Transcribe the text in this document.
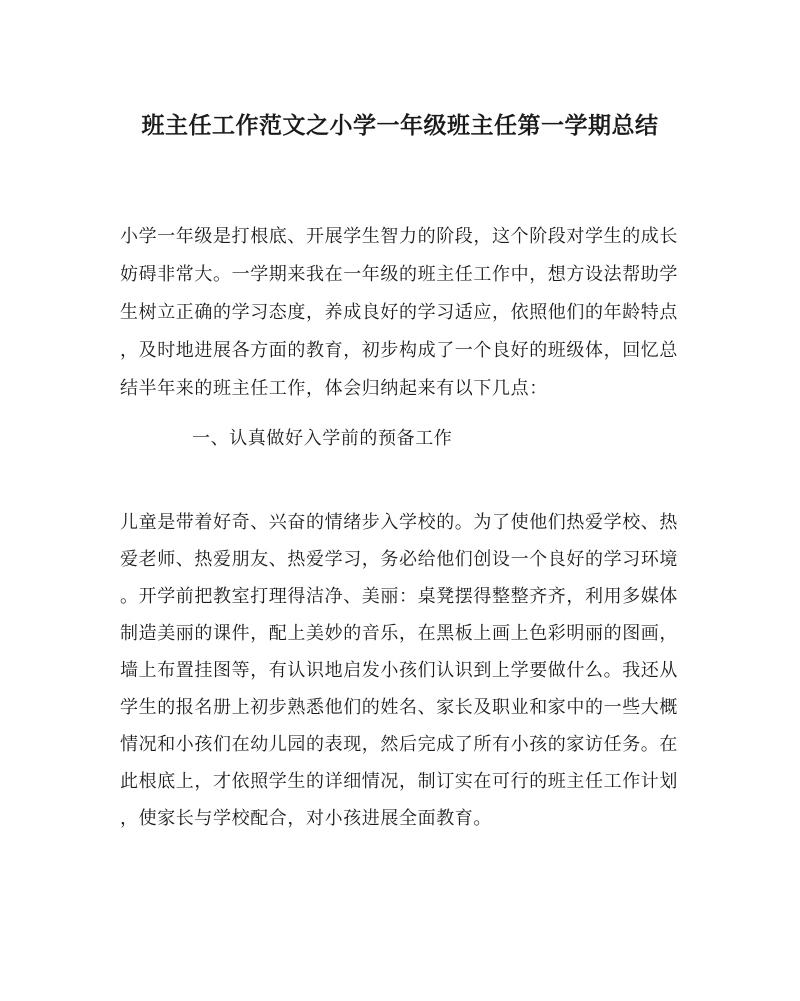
班主任工作范文之小学一年级班主任第一学期总结

小学一年级是打根底、开展学生智力的阶段，这个阶段对学生的成长

妨碍非常大。一学期来我在一年级的班主任工作中，想方设法帮助学

生树立正确的学习态度，养成良好的学习适应，依照他们的年龄特点

，及时地进展各方面的教育，初步构成了一个良好的班级体，回忆总

结半年来的班主任工作，体会归纳起来有以下几点：

一、认真做好入学前的预备工作

儿童是带着好奇、兴奋的情绪步入学校的。为了使他们热爱学校、热

爱老师、热爱朋友、热爱学习，务必给他们创设一个良好的学习环境

。开学前把教室打理得洁净、美丽：桌凳摆得整整齐齐，利用多媒体

制造美丽的课件，配上美妙的音乐，在黑板上画上色彩明丽的图画，

墙上布置挂图等，有认识地启发小孩们认识到上学要做什么。我还从

学生的报名册上初步熟悉他们的姓名、家长及职业和家中的一些大概

情况和小孩们在幼儿园的表现，然后完成了所有小孩的家访任务。在

此根底上，才依照学生的详细情况，制订实在可行的班主任工作计划

，使家长与学校配合，对小孩进展全面教育。
